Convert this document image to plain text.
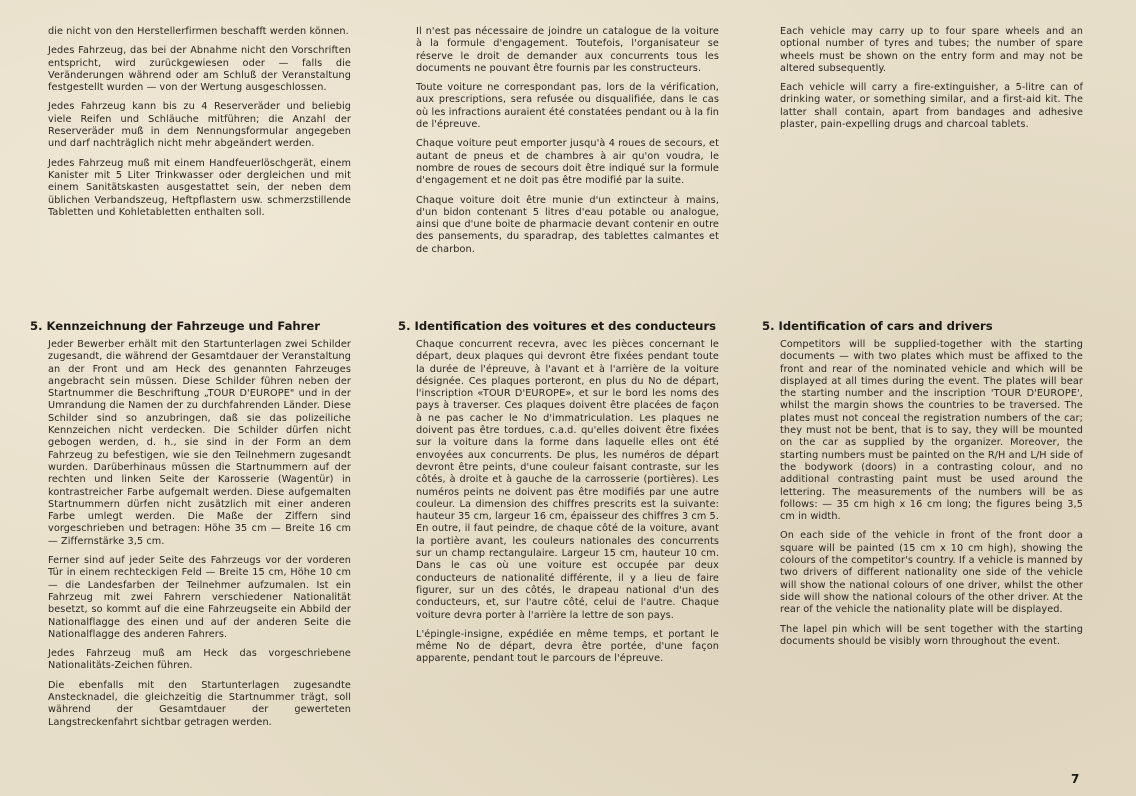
die nicht von den Herstellerfirmen beschafft werden können.

Jedes Fahrzeug, das bei der Abnahme nicht den Vorschriften entspricht, wird zurückgewiesen oder — falls die Veränderungen während oder am Schluß der Veranstaltung festgestellt wurden — von der Wertung ausgeschlossen.

Jedes Fahrzeug kann bis zu 4 Reserveräder und beliebig viele Reifen und Schläuche mitführen; die Anzahl der Reserveräder muß in dem Nennungsformular angegeben und darf nachträglich nicht mehr abgeändert werden.

Jedes Fahrzeug muß mit einem Handfeuerlöschgerät, einem Kanister mit 5 Liter Trinkwasser oder dergleichen und mit einem Sanitätskasten ausgestattet sein, der neben dem üblichen Verbandszeug, Heftpflastern usw. schmerzstillende Tabletten und Kohletabletten enthalten soll.

5. Kennzeichnung der Fahrzeuge und Fahrer

Jeder Bewerber erhält mit den Startunterlagen zwei Schilder zugesandt, die während der Gesamtdauer der Veranstaltung an der Front und am Heck des genannten Fahrzeuges angebracht sein müssen. Diese Schilder führen neben der Startnummer die Beschriftung „TOUR D'EUROPE" und in der Umrandung die Namen der zu durchfahrenden Länder. Diese Schilder sind so anzubringen, daß sie das polizeiliche Kennzeichen nicht verdecken. Die Schilder dürfen nicht gebogen werden, d. h., sie sind in der Form an dem Fahrzeug zu befestigen, wie sie den Teilnehmern zugesandt wurden. Darüberhinaus müssen die Startnummern auf der rechten und linken Seite der Karosserie (Wagentür) in kontrastreicher Farbe aufgemalt werden. Diese aufgemalten Startnummern dürfen nicht zusätzlich mit einer anderen Farbe umlegt werden. Die Maße der Ziffern sind vorgeschrieben und betragen: Höhe 35 cm — Breite 16 cm — Ziffernstärke 3,5 cm.

Ferner sind auf jeder Seite des Fahrzeugs vor der vorderen Tür in einem rechteckigen Feld — Breite 15 cm, Höhe 10 cm — die Landesfarben der Teilnehmer aufzumalen. Ist ein Fahrzeug mit zwei Fahrern verschiedener Nationalität besetzt, so kommt auf die eine Fahrzeugseite ein Abbild der Nationalflagge des einen und auf der anderen Seite die Nationalflagge des anderen Fahrers.

Jedes Fahrzeug muß am Heck das vorgeschriebene Nationalitäts-Zeichen führen.

Die ebenfalls mit den Startunterlagen zugesandte Anstecknadel, die gleichzeitig die Startnummer trägt, soll während der Gesamtdauer der gewerteten Langstreckenfahrt sichtbar getragen werden.

Il n'est pas nécessaire de joindre un catalogue de la voiture à la formule d'engagement. Toutefois, l'organisateur se réserve le droit de demander aux concurrents tous les documents ne pouvant être fournis par les constructeurs.

Toute voiture ne correspondant pas, lors de la vérification, aux prescriptions, sera refusée ou disqualifiée, dans le cas où les infractions auraient été constatées pendant ou à la fin de l'épreuve.

Chaque voiture peut emporter jusqu'à 4 roues de secours, et autant de pneus et de chambres à air qu'on voudra, le nombre de roues de secours doit être indiqué sur la formule d'engagement et ne doit pas être modifié par la suite.

Chaque voiture doit être munie d'un extincteur à mains, d'un bidon contenant 5 litres d'eau potable ou analogue, ainsi que d'une boite de pharmacie devant contenir en outre des pansements, du sparadrap, des tablettes calmantes et de charbon.

5. Identification des voitures et des conducteurs

Chaque concurrent recevra, avec les pièces concernant le départ, deux plaques qui devront être fixées pendant toute la durée de l'épreuve, à l'avant et à l'arrière de la voiture désignée. Ces plaques porteront, en plus du No de départ, l'inscription «TOUR D'EUROPE», et sur le bord les noms des pays à traverser. Ces plaques doivent être placées de façon à ne pas cacher le No d'immatriculation. Les plaques ne doivent pas être tordues, c.a.d. qu'elles doivent être fixées sur la voiture dans la forme dans laquelle elles ont été envoyées aux concurrents. De plus, les numéros de départ devront être peints, d'une couleur faisant contraste, sur les côtés, à droite et à gauche de la carrosserie (portières). Les numéros peints ne doivent pas être modifiés par une autre couleur. La dimension des chiffres prescrits est la suivante: hauteur 35 cm, largeur 16 cm, épaisseur des chiffres 3 cm 5. En outre, il faut peindre, de chaque côté de la voiture, avant la portière avant, les couleurs nationales des concurrents sur un champ rectangulaire. Largeur 15 cm, hauteur 10 cm. Dans le cas où une voiture est occupée par deux conducteurs de nationalité différente, il y a lieu de faire figurer, sur un des côtés, le drapeau national d'un des conducteurs, et, sur l'autre côté, celui de l'autre. Chaque voiture devra porter à l'arrière la lettre de son pays.

L'épingle-insigne, expédiée en même temps, et portant le même No de départ, devra être portée, d'une façon apparente, pendant tout le parcours de l'épreuve.

Each vehicle may carry up to four spare wheels and an optional number of tyres and tubes; the number of spare wheels must be shown on the entry form and may not be altered subsequently.

Each vehicle will carry a fire-extinguisher, a 5-litre can of drinking water, or something similar, and a first-aid kit. The latter shall contain, apart from bandages and adhesive plaster, pain-expelling drugs and charcoal tablets.

5. Identification of cars and drivers

Competitors will be supplied-together with the starting documents — with two plates which must be affixed to the front and rear of the nominated vehicle and which will be displayed at all times during the event. The plates will bear the starting number and the inscription 'TOUR D'EUROPE', whilst the margin shows the countries to be traversed. The plates must not conceal the registration numbers of the car; they must not be bent, that is to say, they will be mounted on the car as supplied by the organizer. Moreover, the starting numbers must be painted on the R/H and L/H side of the bodywork (doors) in a contrasting colour, and no additional contrasting paint must be used around the lettering. The measurements of the numbers will be as follows: — 35 cm high x 16 cm long; the figures being 3,5 cm in width.

On each side of the vehicle in front of the front door a square will be painted (15 cm x 10 cm high), showing the colours of the competitor's country. If a vehicle is manned by two drivers of different nationality one side of the vehicle will show the national colours of one driver, whilst the other side will show the national colours of the other driver. At the rear of the vehicle the nationality plate will be displayed.

The lapel pin which will be sent together with the starting documents should be visibly worn throughout the event.

7
